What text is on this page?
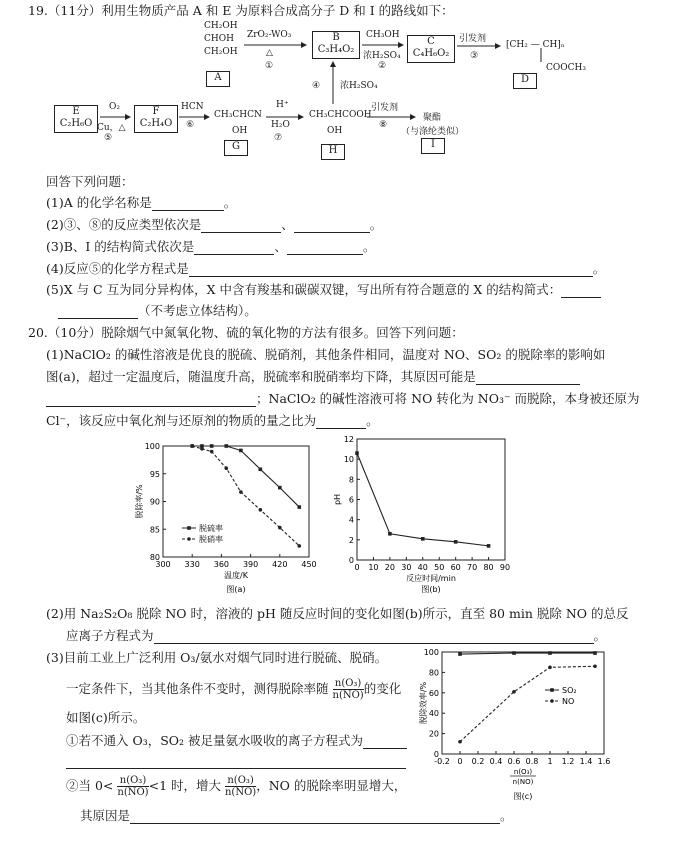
19.（11分）利用生物质产品 A 和 E 为原料合成高分子 D 和 I 的路线如下：
CH₂OH
CHOH
CH₂OH
A
ZrO₂-WO₃
△
①
B
C₃H₄O₂
CH₃OH
浓H₂SO₄
②
C
C₄H₆O₂
引发剂
③
[CH₂ — CH]ₙ
COOCH₃
D
④ 浓H₂SO₄
E
C₂H₆O
O₂
Cu，△
⑤
F
C₂H₄O
HCN
⑥
CH₃CHCN
OH
G
H⁺
H₂O
⑦
CH₃CHCOOH
OH
H
引发剂
⑧
聚酯
（与涤纶类似）
I
回答下列问题：
(1)A 的化学名称是	。
(2)③、⑧的反应类型依次是	、	。
(3)B、I 的结构简式依次是	、	。
(4)反应⑤的化学方程式是	。
(5)X 与 C 互为同分异构体，X 中含有羧基和碳碳双键，写出所有符合题意的 X 的结构简式：
（不考虑立体结构）。
20.（10分）脱除烟气中氮氧化物、硫的氧化物的方法有很多。回答下列问题：
(1)NaClO₂ 的碱性溶液是优良的脱硫、脱硝剂，其他条件相同，温度对 NO、SO₂ 的脱除率的影响如
图(a)，超过一定温度后，随温度升高，脱硫率和脱硝率均下降，其原因可能是
；NaClO₂ 的碱性溶液可将 NO 转化为 NO₃⁻ 而脱除，本身被还原为
Cl⁻，该反应中氧化剂与还原剂的物质的量之比为	。
300 330 360 390 420 450
80
85
90
95
100
脱除率/%
温度/K
图(a)
脱硫率
脱硝率
0 10 20 30 40 50 60 70 80 90
0
2
4
6
8
10
12
pH
反应时间/min
图(b)
(2)用 Na₂S₂O₈ 脱除 NO 时，溶液的 pH 随反应时间的变化如图(b)所示，直至 80 min 脱除 NO 的总反
应离子方程式为	。
(3)目前工业上广泛利用 O₃/氨水对烟气同时进行脱硫、脱硝。
一定条件下，当其他条件不变时，测得脱除率随 $\frac{\text{n(O₃)}}{n(NO)}$ 的变化
如图(c)所示。
①若不通入 O₃，SO₂ 被足量氨水吸收的离子方程式为
②当 $0< \frac{\text{n(O₃)}}{n(NO)} <1$ 时，增大 $\frac{\text{n(O₃)}}{n(NO)}$ ，NO 的脱除率明显增大，
其原因是	。
-0.2 0 0.2 0.4 0.6 0.8 1 1.2 1.4 1.6
0
20
40
60
80
100
脱除效率/%
n(O₃)
n(NO)
图(c)
SO₂
NO
